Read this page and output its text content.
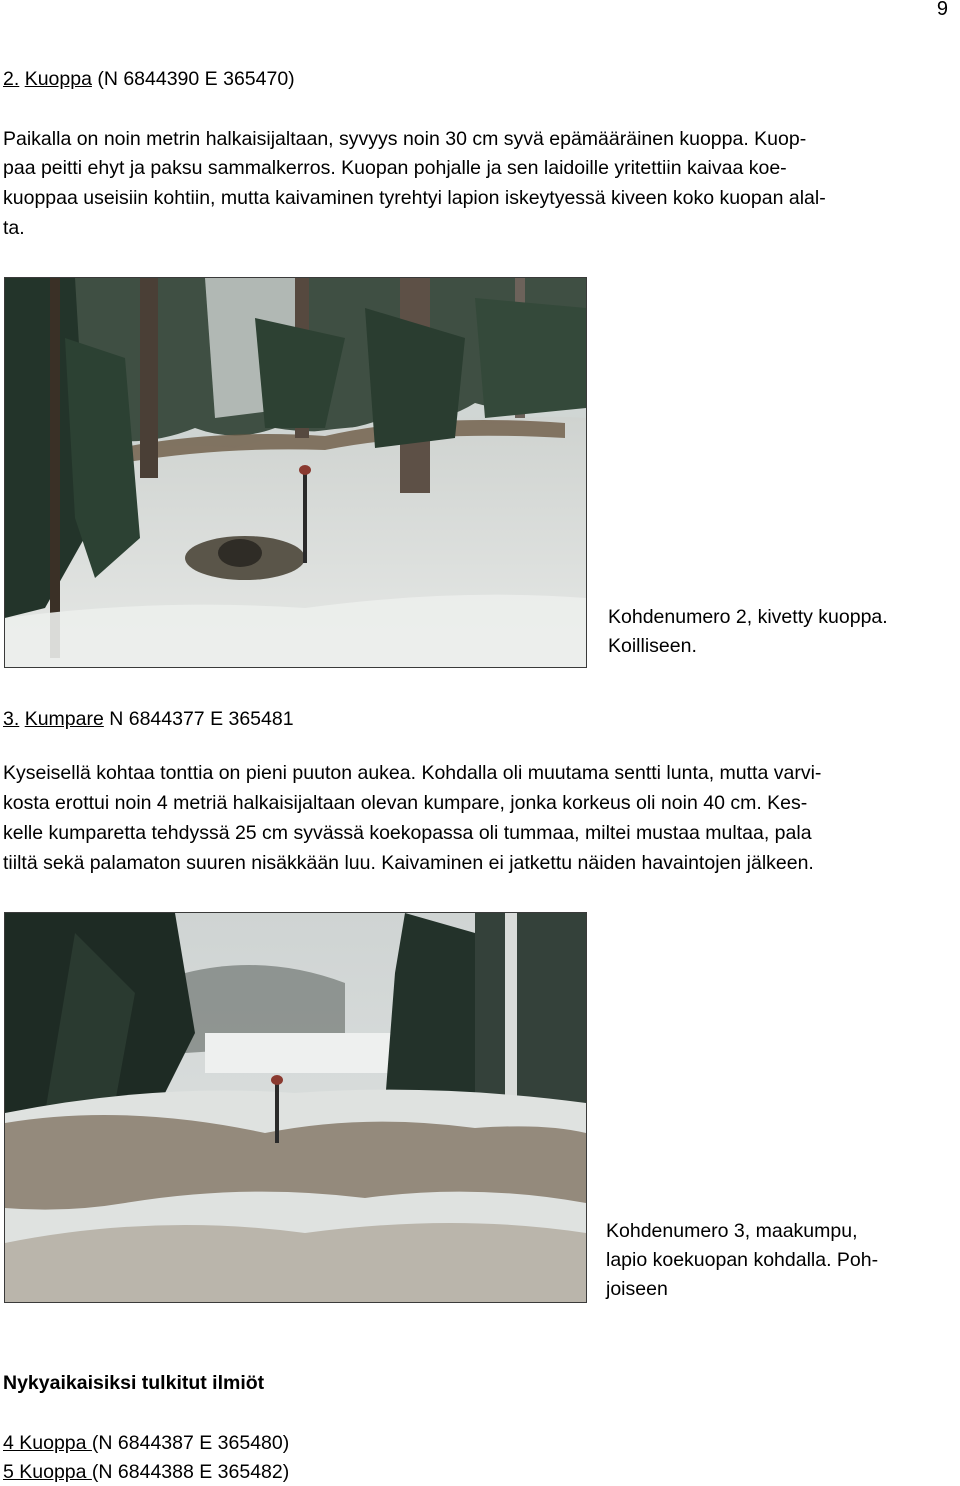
9
2. Kuoppa (N 6844390 E 365470)
Paikalla on noin metrin halkaisijaltaan, syvyys noin 30 cm syvä epämääräinen kuoppa. Kuop-
paa peitti ehyt ja paksu sammalkerros. Kuopan pohjalle ja sen laidoille yritettiin kaivaa koe-
kuoppaa useisiin kohtiin, mutta kaivaminen tyrehtyi lapion iskeytyessä kiveen koko kuopan alal-
ta.
Kohdenumero 2, kivetty kuoppa.
Koilliseen.
3. Kumpare N 6844377 E 365481
Kyseisellä kohtaa tonttia on pieni puuton aukea. Kohdalla oli muutama sentti lunta, mutta varvi-
kosta erottui noin 4 metriä halkaisijaltaan olevan kumpare, jonka korkeus oli noin 40 cm. Kes-
kelle kumparetta tehdyssä 25 cm syvässä koekopassa oli tummaa, miltei mustaa multaa, pala
tiiltä sekä palamaton suuren nisäkkään luu. Kaivaminen ei jatkettu näiden havaintojen jälkeen.
Kohdenumero 3, maakumpu,
lapio koekuopan kohdalla. Poh-
joiseen
Nykyaikaisiksi tulkitut ilmiöt
4 Kuoppa (N 6844387 E 365480)
5 Kuoppa (N 6844388 E 365482)
